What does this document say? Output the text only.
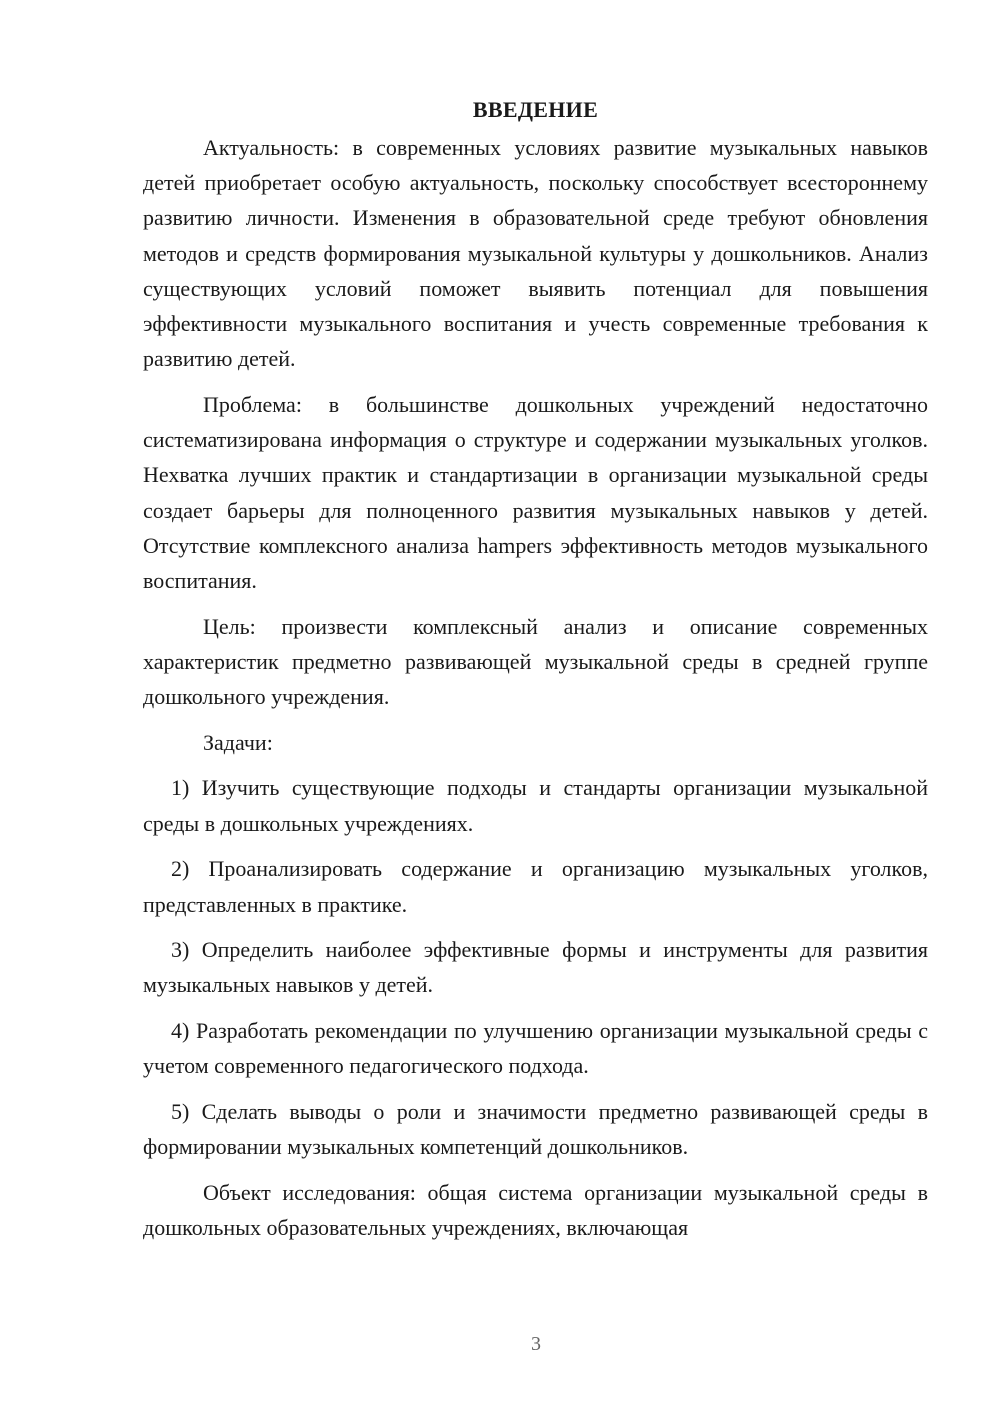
ВВЕДЕНИЕ

Актуальность: в современных условиях развитие музыкальных навыков детей приобретает особую актуальность, поскольку способствует всестороннему развитию личности. Изменения в образовательной среде требуют обновления методов и средств формирования музыкальной культуры у дошкольников. Анализ существующих условий поможет выявить потенциал для повышения эффективности музыкального воспитания и учесть современные требования к развитию детей.

Проблема: в большинстве дошкольных учреждений недостаточно систематизирована информация о структуре и содержании музыкальных уголков. Нехватка лучших практик и стандартизации в организации музыкальной среды создает барьеры для полноценного развития музыкальных навыков у детей. Отсутствие комплексного анализа hampers эффективность методов музыкального воспитания.

Цель: произвести комплексный анализ и описание современных характеристик предметно развивающей музыкальной среды в средней группе дошкольного учреждения.

Задачи:

1) Изучить существующие подходы и стандарты организации музыкальной среды в дошкольных учреждениях.

2) Проанализировать содержание и организацию музыкальных уголков, представленных в практике.

3) Определить наиболее эффективные формы и инструменты для развития музыкальных навыков у детей.

4) Разработать рекомендации по улучшению организации музыкальной среды с учетом современного педагогического подхода.

5) Сделать выводы о роли и значимости предметно развивающей среды в формировании музыкальных компетенций дошкольников.

Объект исследования: общая система организации музыкальной среды в дошкольных образовательных учреждениях, включающая

3
